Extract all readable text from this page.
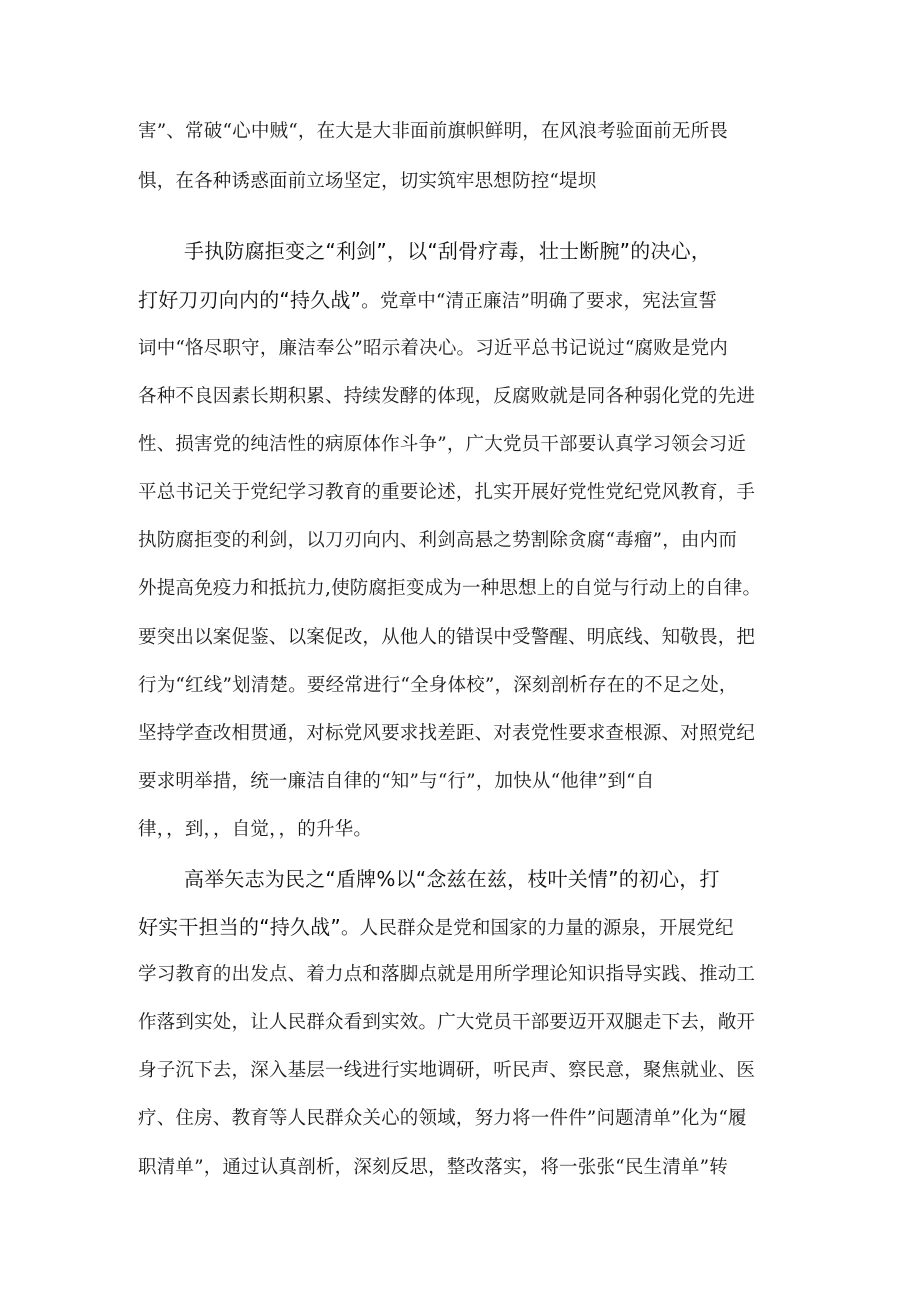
害”、常破“心中贼“，在大是大非面前旗帜鲜明，在风浪考验面前无所畏
惧，在各种诱惑面前立场坚定，切实筑牢思想防控“堤坝
手执防腐拒变之“利剑”，以“刮骨疗毒，壮士断腕”的决心，
打好刀刃向内的“持久战”。党章中“清正廉洁”明确了要求，宪法宣誓
词中“恪尽职守，廉洁奉公”昭示着决心。习近平总书记说过“腐败是党内
各种不良因素长期积累、持续发酵的体现，反腐败就是同各种弱化党的先进
性、损害党的纯洁性的病原体作斗争”，广大党员干部要认真学习领会习近
平总书记关于党纪学习教育的重要论述，扎实开展好党性党纪党风教育，手
执防腐拒变的利剑，以刀刃向内、利剑高悬之势割除贪腐“毒瘤”，由内而
外提高免疫力和抵抗力,使防腐拒变成为一种思想上的自觉与行动上的自律。
要突出以案促鉴、以案促改，从他人的错误中受警醒、明底线、知敬畏，把
行为“红线”划清楚。要经常进行“全身体校”，深刻剖析存在的不足之处，
坚持学查改相贯通，对标党风要求找差距、对表党性要求查根源、对照党纪
要求明举措，统一廉洁自律的“知”与“行”，加快从“他律”到“自
律，，到，，自觉，，的升华。
高举矢志为民之“盾牌%以“念兹在兹，枝叶关情”的初心，打
好实干担当的“持久战”。人民群众是党和国家的力量的源泉，开展党纪
学习教育的出发点、着力点和落脚点就是用所学理论知识指导实践、推动工
作落到实处，让人民群众看到实效。广大党员干部要迈开双腿走下去，敞开
身子沉下去，深入基层一线进行实地调研，听民声、察民意，聚焦就业、医
疗、住房、教育等人民群众关心的领域，努力将一件件”问题清单”化为“履
职清单”，通过认真剖析，深刻反思，整改落实，将一张张“民生清单”转
